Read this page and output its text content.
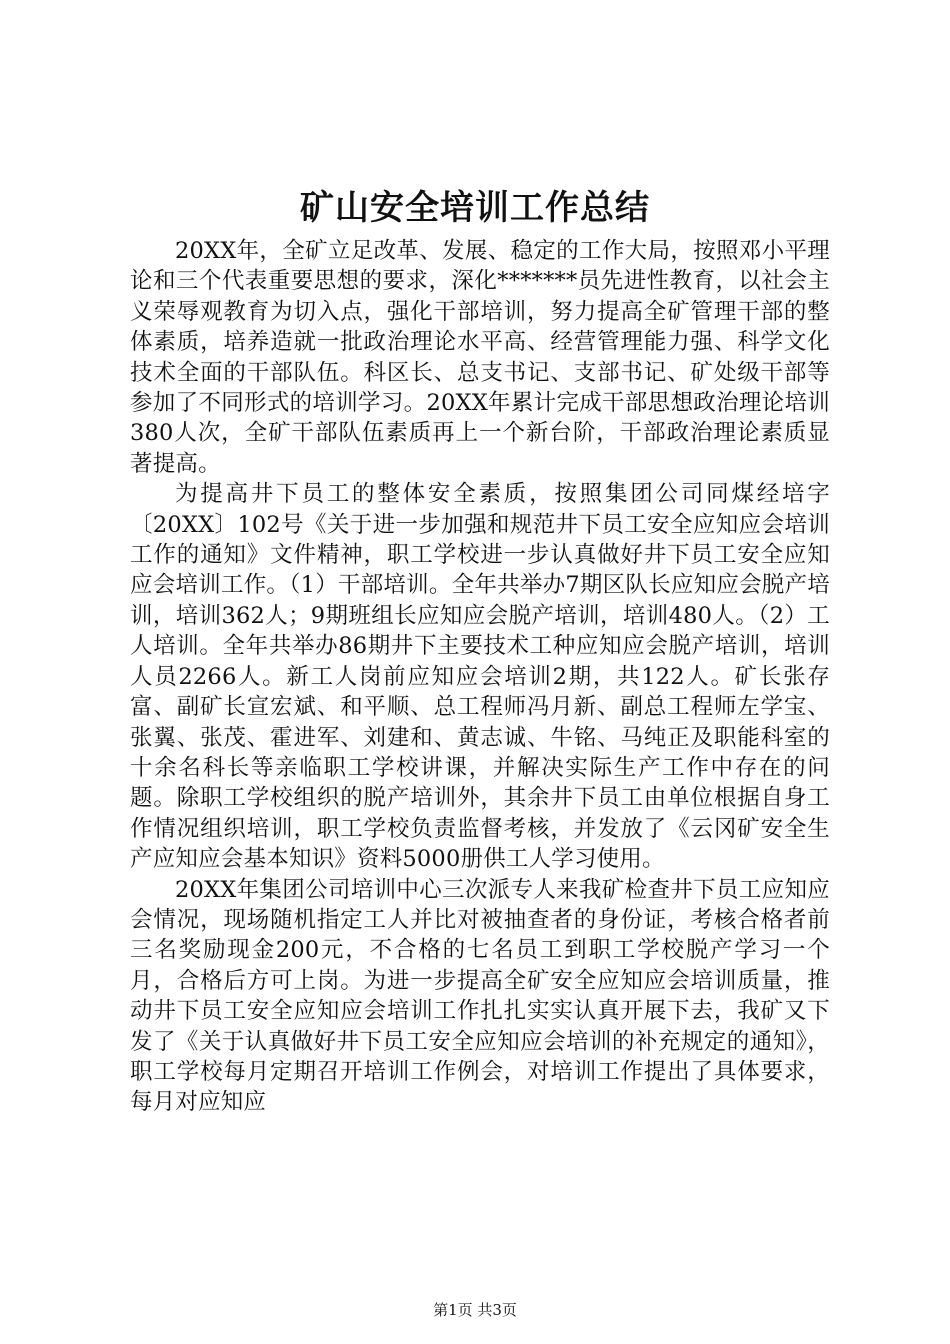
矿山安全培训工作总结

20XX年，全矿立足改革、发展、稳定的工作大局，按照邓小平理论和三个代表重要思想的要求，深化*******员先进性教育，以社会主义荣辱观教育为切入点，强化干部培训，努力提高全矿管理干部的整体素质，培养造就一批政治理论水平高、经营管理能力强、科学文化技术全面的干部队伍。科区长、总支书记、支部书记、矿处级干部等参加了不同形式的培训学习。20XX年累计完成干部思想政治理论培训380人次，全矿干部队伍素质再上一个新台阶，干部政治理论素质显著提高。

为提高井下员工的整体安全素质，按照集团公司同煤经培字〔20XX〕102号《关于进一步加强和规范井下员工安全应知应会培训工作的通知》文件精神，职工学校进一步认真做好井下员工安全应知应会培训工作。（1）干部培训。全年共举办7期区队长应知应会脱产培训，培训362人；9期班组长应知应会脱产培训，培训480人。（2）工人培训。全年共举办86期井下主要技术工种应知应会脱产培训，培训人员2266人。新工人岗前应知应会培训2期，共122人。矿长张存富、副矿长宣宏斌、和平顺、总工程师冯月新、副总工程师左学宝、张翼、张茂、霍进军、刘建和、黄志诚、牛铭、马纯正及职能科室的十余名科长等亲临职工学校讲课，并解决实际生产工作中存在的问题。除职工学校组织的脱产培训外，其余井下员工由单位根据自身工作情况组织培训，职工学校负责监督考核，并发放了《云冈矿安全生产应知应会基本知识》资料5000册供工人学习使用。

20XX年集团公司培训中心三次派专人来我矿检查井下员工应知应会情况，现场随机指定工人并比对被抽查者的身份证，考核合格者前三名奖励现金200元，不合格的七名员工到职工学校脱产学习一个月，合格后方可上岗。为进一步提高全矿安全应知应会培训质量，推动井下员工安全应知应会培训工作扎扎实实认真开展下去，我矿又下发了《关于认真做好井下员工安全应知应会培训的补充规定的通知》，职工学校每月定期召开培训工作例会，对培训工作提出了具体要求，每月对应知应

第1页 共3页
